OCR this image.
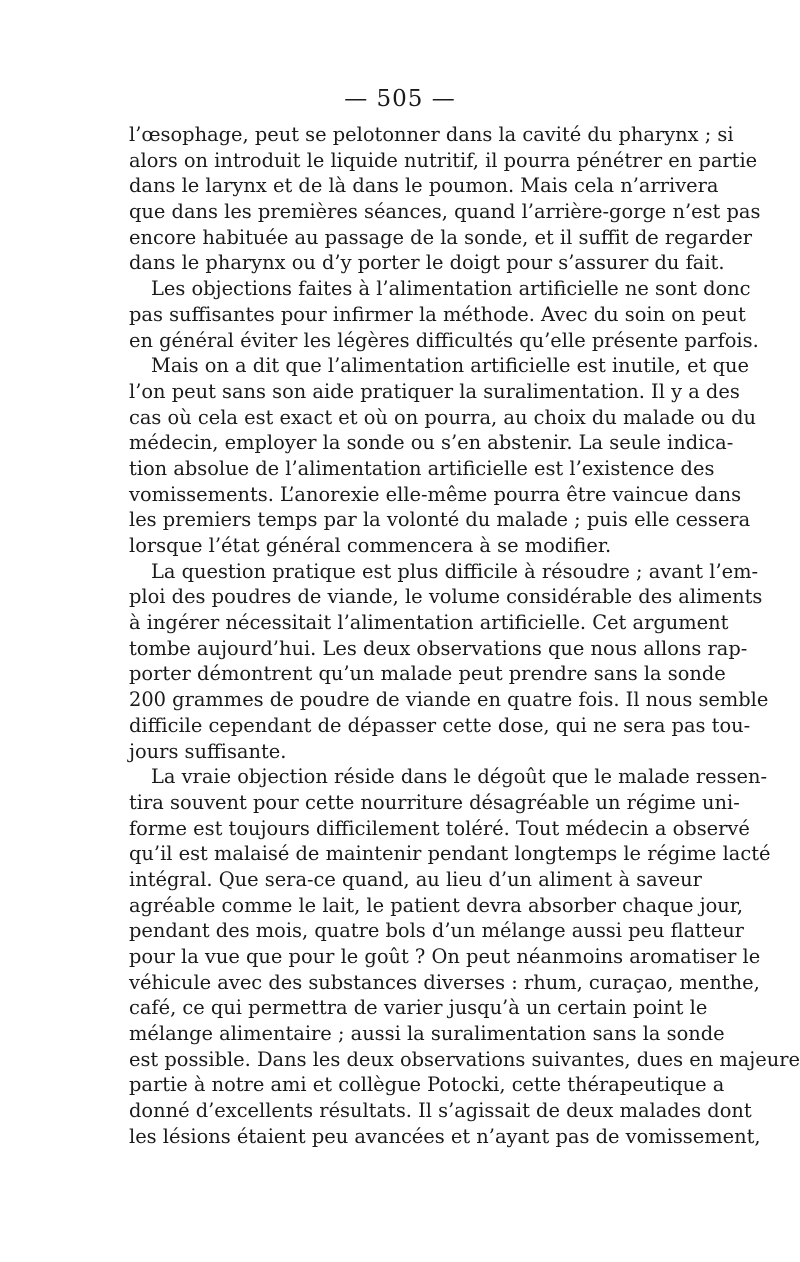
— 505 —
l’œsophage, peut se pelotonner dans la cavité du pharynx ; si
alors on introduit le liquide nutritif, il pourra pénétrer en partie
dans le larynx et de là dans le poumon. Mais cela n’arrivera
que dans les premières séances, quand l’arrière-gorge n’est pas
encore habituée au passage de la sonde, et il suffit de regarder
dans le pharynx ou d’y porter le doigt pour s’assurer du fait.
Les objections faites à l’alimentation artificielle ne sont donc
pas suffisantes pour infirmer la méthode. Avec du soin on peut
en général éviter les légères difficultés qu’elle présente parfois.
Mais on a dit que l’alimentation artificielle est inutile, et que
l’on peut sans son aide pratiquer la suralimentation. Il y a des
cas où cela est exact et où on pourra, au choix du malade ou du
médecin, employer la sonde ou s’en abstenir. La seule indica-
tion absolue de l’alimentation artificielle est l’existence des
vomissements. L’anorexie elle-même pourra être vaincue dans
les premiers temps par la volonté du malade ; puis elle cessera
lorsque l’état général commencera à se modifier.
La question pratique est plus difficile à résoudre ; avant l’em-
ploi des poudres de viande, le volume considérable des aliments
à ingérer nécessitait l’alimentation artificielle. Cet argument
tombe aujourd’hui. Les deux observations que nous allons rap-
porter démontrent qu’un malade peut prendre sans la sonde
200 grammes de poudre de viande en quatre fois. Il nous semble
difficile cependant de dépasser cette dose, qui ne sera pas tou-
jours suffisante.
La vraie objection réside dans le dégoût que le malade ressen-
tira souvent pour cette nourriture désagréable un régime uni-
forme est toujours difficilement toléré. Tout médecin a observé
qu’il est malaisé de maintenir pendant longtemps le régime lacté
intégral. Que sera-ce quand, au lieu d’un aliment à saveur
agréable comme le lait, le patient devra absorber chaque jour,
pendant des mois, quatre bols d’un mélange aussi peu flatteur
pour la vue que pour le goût ? On peut néanmoins aromatiser le
véhicule avec des substances diverses : rhum, curaçao, menthe,
café, ce qui permettra de varier jusqu’à un certain point le
mélange alimentaire ; aussi la suralimentation sans la sonde
est possible. Dans les deux observations suivantes, dues en majeure
partie à notre ami et collègue Potocki, cette thérapeutique a
donné d’excellents résultats. Il s’agissait de deux malades dont
les lésions étaient peu avancées et n’ayant pas de vomissement,
